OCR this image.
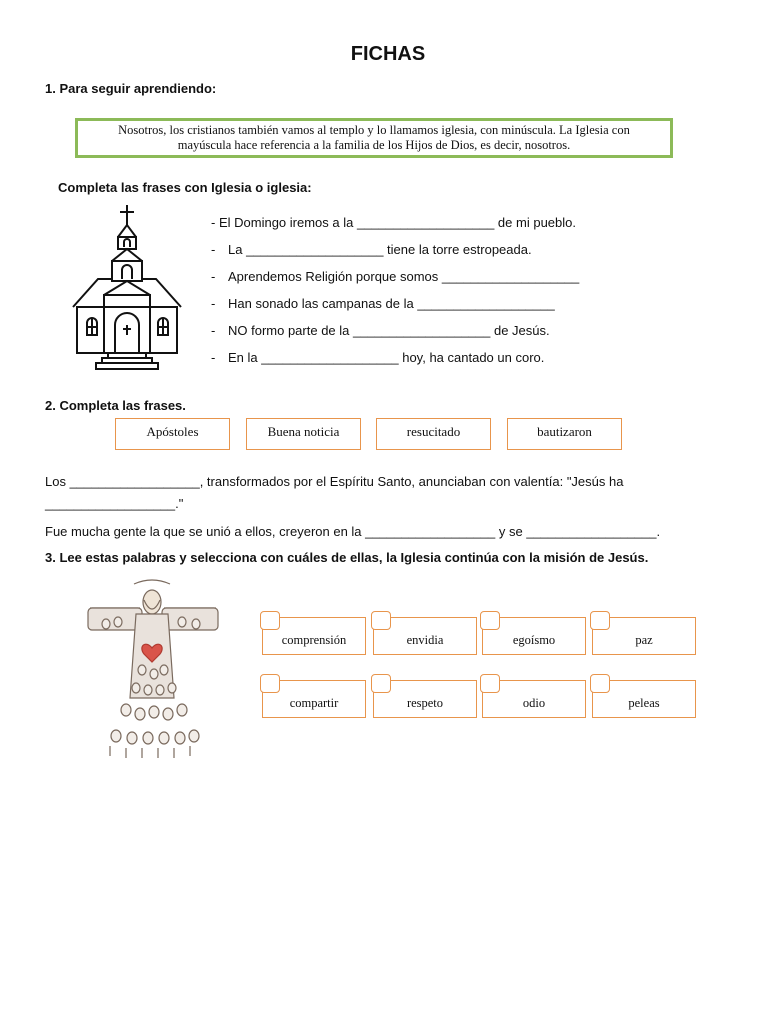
FICHAS
1. Para seguir aprendiendo:
Nosotros, los cristianos también vamos al templo y lo llamamos iglesia, con minúscula. La Iglesia con
mayúscula hace referencia a la familia de los Hijos de Dios, es decir, nosotros.
Completa las frases con Iglesia o iglesia:
- El Domingo iremos a la ___________________ de mi pueblo.
- La ___________________ tiene la torre estropeada.
- Aprendemos Religión porque somos ___________________
- Han sonado las campanas de la ___________________
- NO formo parte de la ___________________ de Jesús.
- En la ___________________ hoy, ha cantado un coro.
2. Completa las frases.
Apóstoles	Buena noticia	resucitado	bautizaron
Los __________________, transformados por el Espíritu Santo, anunciaban con valentía: "Jesús ha
__________________."
Fue mucha gente la que se unió a ellos, creyeron en la __________________ y se __________________.
3. Lee estas palabras y selecciona con cuáles de ellas, la Iglesia continúa con la misión de Jesús.
comprensión	envidia	egoísmo	paz
compartir	respeto	odio	peleas
